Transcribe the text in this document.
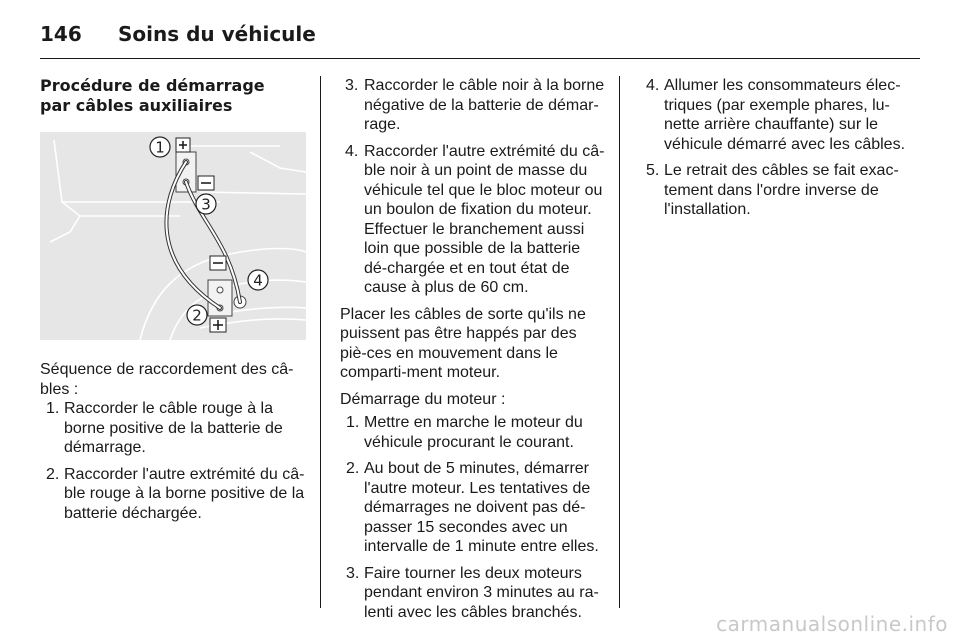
146 Soins du véhicule
Procédure de démarrage par câbles auxiliaires
1
2
3
4

Séquence de raccordement des câ-bles :

1. Raccorder le câble rouge à la borne positive de la batterie de démarrage.
2. Raccorder l'autre extrémité du câ-ble rouge à la borne positive de la batterie déchargée.
3. Raccorder le câble noir à la borne négative de la batterie de démar-rage.
4. Raccorder l'autre extrémité du câ-ble noir à un point de masse du véhicule tel que le bloc moteur ou un boulon de fixation du moteur. Effectuer le branchement aussi loin que possible de la batterie dé-chargée et en tout état de cause à plus de 60 cm.

Placer les câbles de sorte qu'ils ne puissent pas être happés par des piè-ces en mouvement dans le comparti-ment moteur.

Démarrage du moteur :

1. Mettre en marche le moteur du véhicule procurant le courant.
2. Au bout de 5 minutes, démarrer l'autre moteur. Les tentatives de démarrages ne doivent pas dé-passer 15 secondes avec un intervalle de 1 minute entre elles.
3. Faire tourner les deux moteurs pendant environ 3 minutes au ra-lenti avec les câbles branchés.
4. Allumer les consommateurs élec-triques (par exemple phares, lu-nette arrière chauffante) sur le véhicule démarré avec les câbles.
5. Le retrait des câbles se fait exac-tement dans l'ordre inverse de l'installation.
carmanualsonline.info
